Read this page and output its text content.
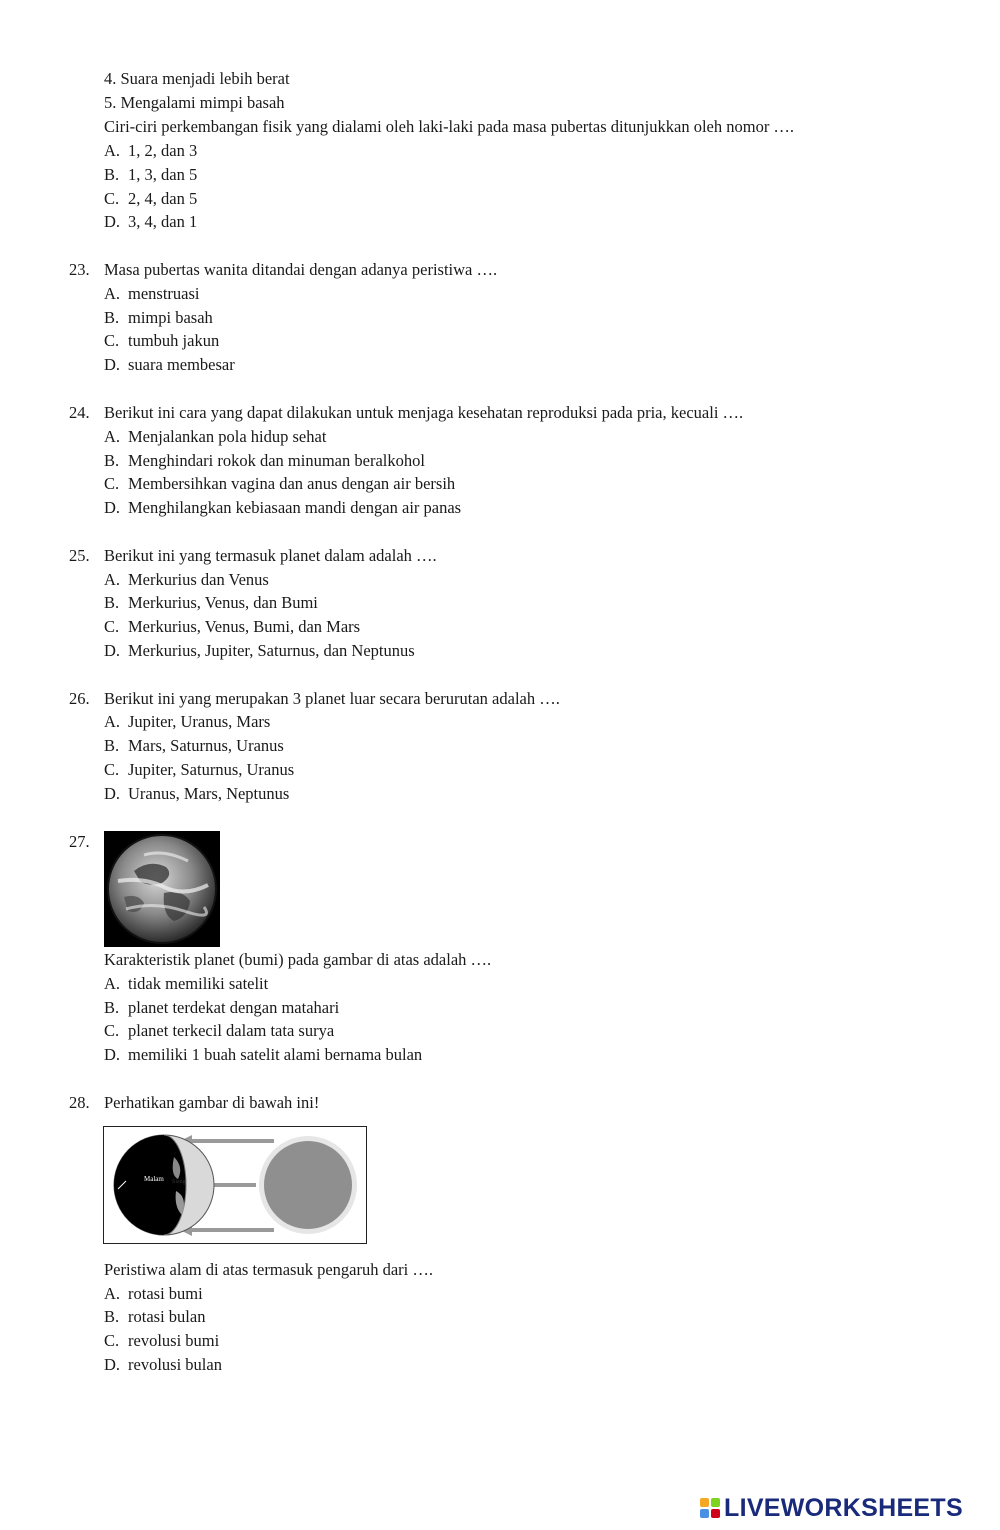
4. Suara menjadi lebih berat
5. Mengalami mimpi basah
Ciri-ciri perkembangan fisik yang dialami oleh laki-laki pada masa pubertas ditunjukkan oleh nomor ….
A. 1, 2, dan 3
B. 1, 3, dan 5
C. 2, 4, dan 5
D. 3, 4, dan 1
23. Masa pubertas wanita ditandai dengan adanya peristiwa ….
A. menstruasi
B. mimpi basah
C. tumbuh jakun
D. suara membesar
24. Berikut ini cara yang dapat dilakukan untuk menjaga kesehatan reproduksi pada pria, kecuali ….
A. Menjalankan pola hidup sehat
B. Menghindari rokok dan minuman beralkohol
C. Membersihkan vagina dan anus dengan air bersih
D. Menghilangkan kebiasaan mandi dengan air panas
25. Berikut ini yang termasuk planet dalam adalah ….
A. Merkurius dan Venus
B. Merkurius, Venus, dan Bumi
C. Merkurius, Venus, Bumi, dan Mars
D. Merkurius, Jupiter, Saturnus, dan Neptunus
26. Berikut ini yang merupakan 3 planet luar secara berurutan adalah ….
A. Jupiter, Uranus, Mars
B. Mars, Saturnus, Uranus
C. Jupiter, Saturnus, Uranus
D. Uranus, Mars, Neptunus
27.
Karakteristik planet (bumi) pada gambar di atas adalah ….
A. tidak memiliki satelit
B. planet terdekat dengan matahari
C. planet terkecil dalam tata surya
D. memiliki 1 buah satelit alami bernama bulan
28. Perhatikan gambar di bawah ini!
Malam Siang
Peristiwa alam di atas termasuk pengaruh dari ….
A. rotasi bumi
B. rotasi bulan
C. revolusi bumi
D. revolusi bulan
LIVEWORKSHEETS
